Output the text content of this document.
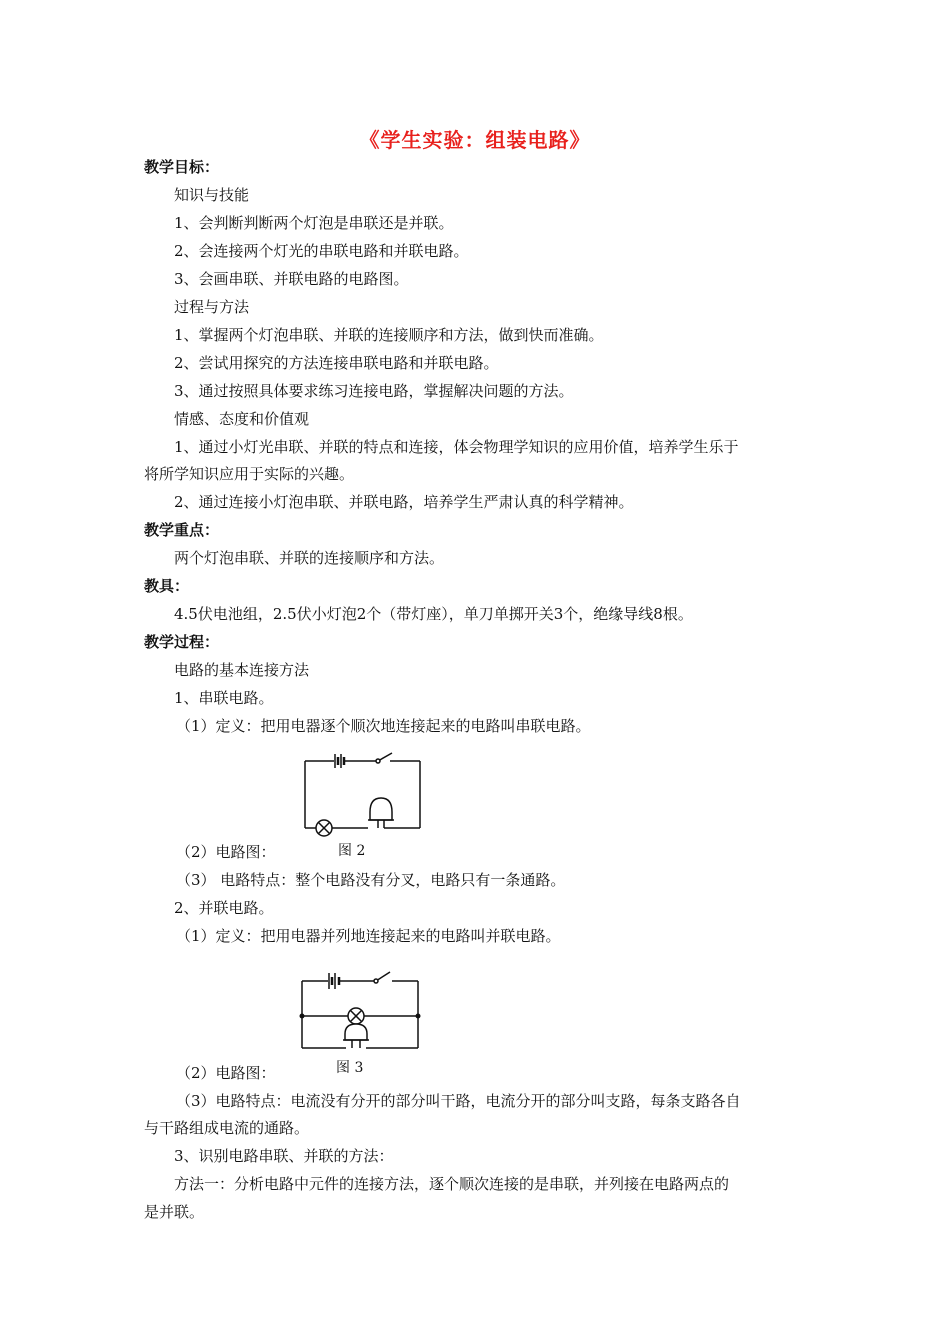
《学生实验：组装电路》
教学目标：
知识与技能
1、会判断判断两个灯泡是串联还是并联。
2、会连接两个灯光的串联电路和并联电路。
3、会画串联、并联电路的电路图。
过程与方法
1、掌握两个灯泡串联、并联的连接顺序和方法，做到快而准确。
2、尝试用探究的方法连接串联电路和并联电路。
3、通过按照具体要求练习连接电路，掌握解决问题的方法。
情感、态度和价值观
1、通过小灯光串联、并联的特点和连接，体会物理学知识的应用价值，培养学生乐于
将所学知识应用于实际的兴趣。
2、通过连接小灯泡串联、并联电路，培养学生严肃认真的科学精神。
教学重点：
两个灯泡串联、并联的连接顺序和方法。
教具：
4.5伏电池组，2.5伏小灯泡2个（带灯座），单刀单掷开关3个，绝缘导线8根。
教学过程：
电路的基本连接方法
1、串联电路。
（1）定义：把用电器逐个顺次地连接起来的电路叫串联电路。
图 2
（2）电路图：
（3） 电路特点：整个电路没有分叉，电路只有一条通路。
2、并联电路。
（1）定义：把用电器并列地连接起来的电路叫并联电路。
图 3
（2）电路图：
（3）电路特点：电流没有分开的部分叫干路，电流分开的部分叫支路，每条支路各自
与干路组成电流的通路。
3、识别电路串联、并联的方法：
方法一：分析电路中元件的连接方法，逐个顺次连接的是串联，并列接在电路两点的
是并联。
